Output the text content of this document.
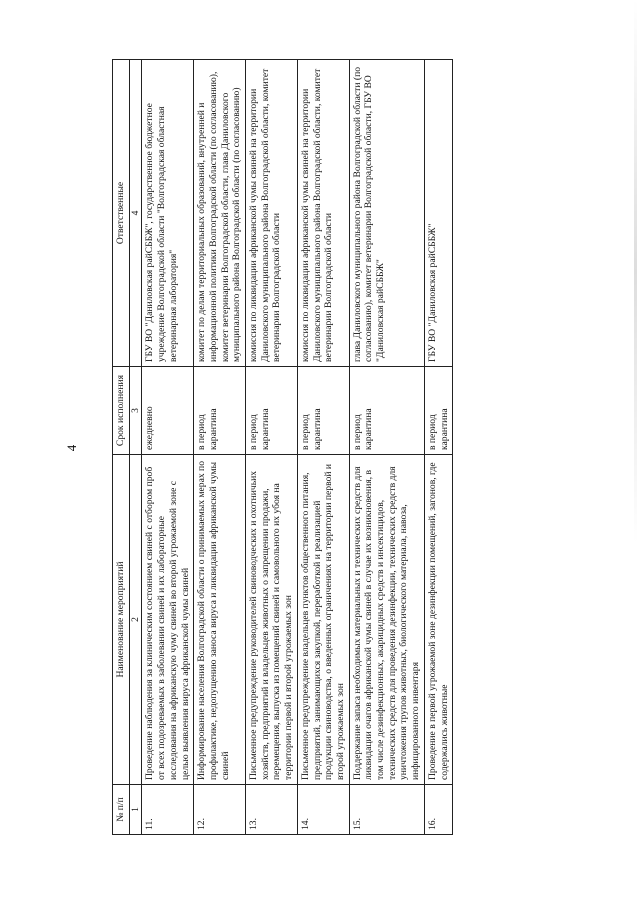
4
№ п/п	Наименование мероприятий	Срок исполнения	Ответственные
1	2	3	4
11.	Проведение наблюдения за клиническим состоянием свиней с отбором проб от всех подозреваемых в заболевании свиней и их лабораторные исследования на африканскую чуму свиней во второй угрожаемой зоне с целью выявления вируса африканской чумы свиней	ежедневно	ГБУ ВО "Даниловская райСББЖ", государственное бюджетное учреждение Волгоградской области "Волгоградская областная ветеринарная лаборатория"
12.	Информирование населения Волгоградской области о принимаемых мерах по профилактике, недопущению заноса вируса и ликвидации африканской чумы свиней	в период карантина	комитет по делам территориальных образований, внутренней и информационной политики Волгоградской области (по согласованию), комитет ветеринарии Волгоградской области, глава Даниловского муниципального района Волгоградской области (по согласованию)
13.	Письменное предупреждение руководителей свиноводческих и охотничьих хозяйств, предприятий и владельцев животных о запрещении продажи, перемещения, выпуска из помещений свиней и самовольного их убоя на территории первой и второй угрожаемых зон	в период карантина	комиссия по ликвидации африканской чумы свиней на территории Даниловского муниципального района Волгоградской области, комитет ветеринарии Волгоградской области
14.	Письменное предупреждение владельцев пунктов общественного питания, предприятий, занимающихся закупкой, переработкой и реализацией продукции свиноводства, о введенных ограничениях на территории первой и второй угрожаемых зон	в период карантина	комиссия по ликвидации африканской чумы свиней на территории Даниловского муниципального района Волгоградской области, комитет ветеринарии Волгоградской области
15.	Поддержание запаса необходимых материальных и технических средств для ликвидации очагов африканской чумы свиней в случае их возникновения, в том числе дезинфекционных, акарицидных средств и инсектицидов, технических средств для проведения дезинфекции, технических средств для уничтожения трупов животных, биологического материала, навоза, инфицированного инвентаря	в период карантина	глава Даниловского муниципального района Волгоградской области (по согласованию), комитет ветеринарии Волгоградской области, ГБУ ВО "Даниловская райСББЖ"
16.	Проведение в первой угрожаемой зоне дезинфекции помещений, загонов, где содержались животные	в период карантина	ГБУ ВО "Даниловская райСББЖ"
